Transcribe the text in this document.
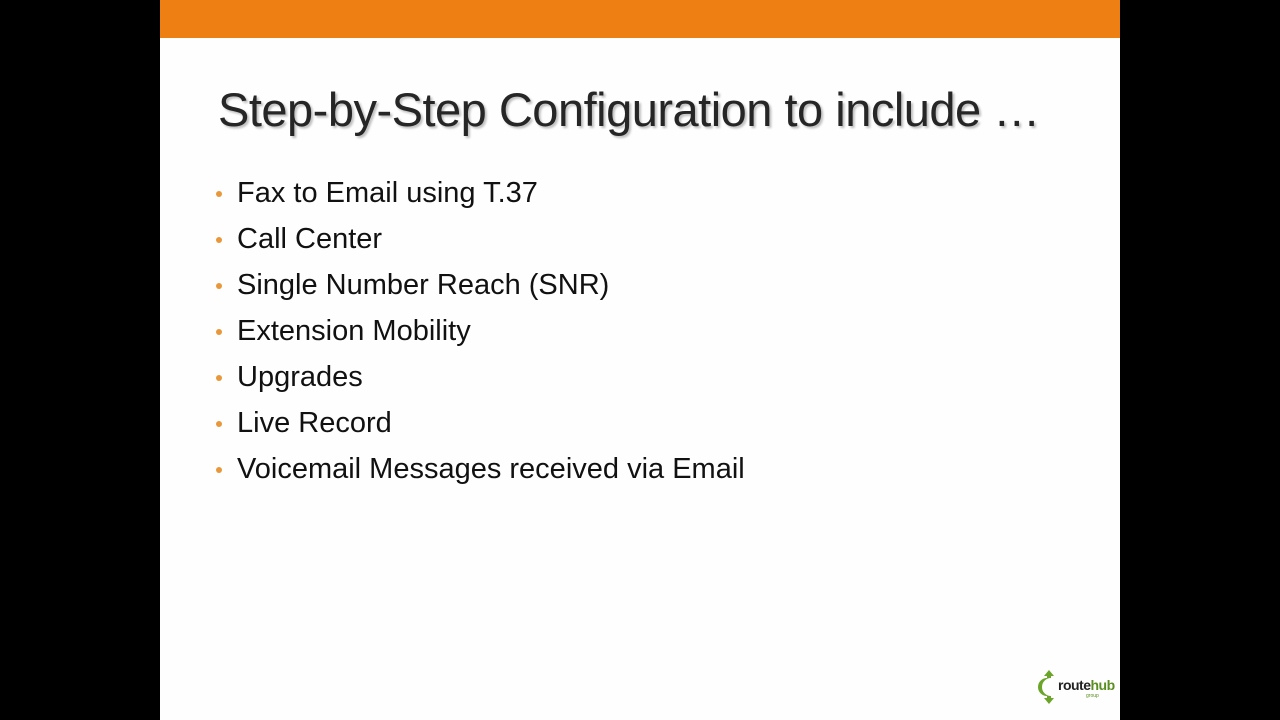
Step-by-Step Configuration to include …
Fax to Email using T.37
Call Center
Single Number Reach (SNR)
Extension Mobility
Upgrades
Live Record
Voicemail Messages received via Email
routehub
group
